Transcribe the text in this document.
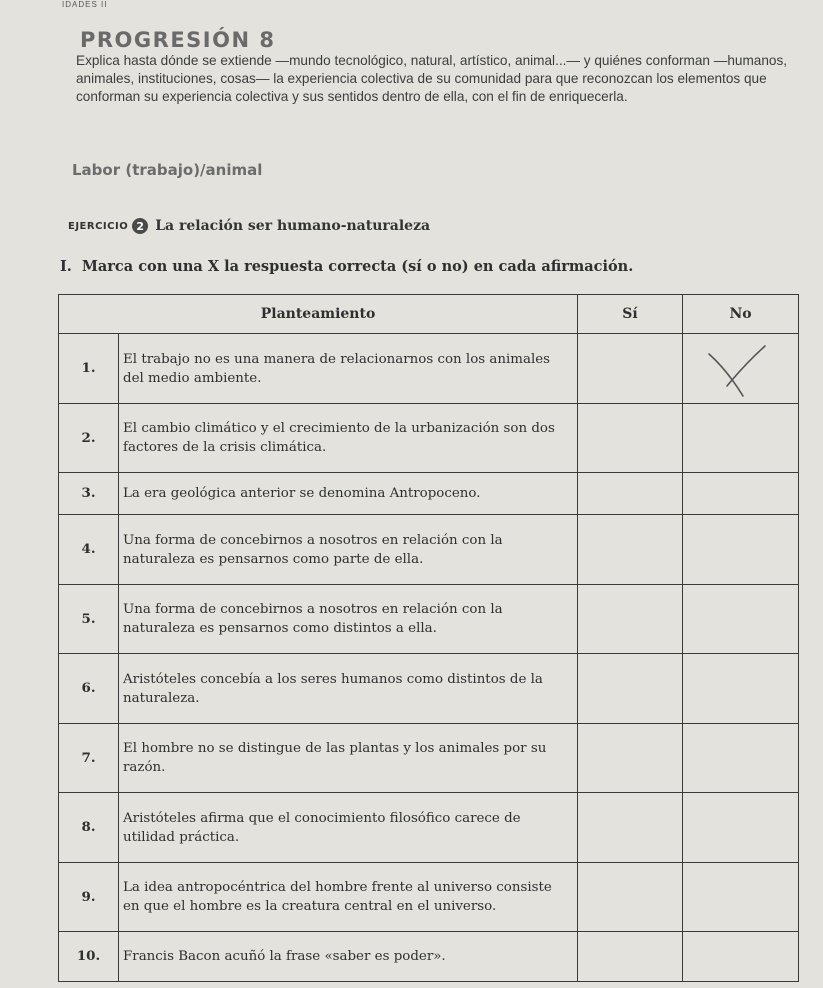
IDADES II
PROGRESIÓN 8
Explica hasta dónde se extiende —mundo tecnológico, natural, artístico, animal...— y quiénes conforman —humanos, animales, instituciones, cosas— la experiencia colectiva de su comunidad para que reconozcan los elementos que conforman su experiencia colectiva y sus sentidos dentro de ella, con el fin de enriquecerla.
Labor (trabajo)/animal
EJERCICIO 2 La relación ser humano-naturaleza
I. Marca con una X la respuesta correcta (sí o no) en cada afirmación.
Planteamiento		Sí	No
1.	El trabajo no es una manera de relacionarnos con los animales del medio ambiente.		

2.	El cambio climático y el crecimiento de la urbanización son dos factores de la crisis climática.		
3.	La era geológica anterior se denomina Antropoceno.		
4.	Una forma de concebirnos a nosotros en relación con la naturaleza es pensarnos como parte de ella.		
5.	Una forma de concebirnos a nosotros en relación con la naturaleza es pensarnos como distintos a ella.		
6.	Aristóteles concebía a los seres humanos como distintos de la naturaleza.		
7.	El hombre no se distingue de las plantas y los animales por su razón.		
8.	Aristóteles afirma que el conocimiento filosófico carece de utilidad práctica.		
9.	La idea antropocéntrica del hombre frente al universo consiste en que el hombre es la creatura central en el universo.		
10.	Francis Bacon acuñó la frase «saber es poder».		
